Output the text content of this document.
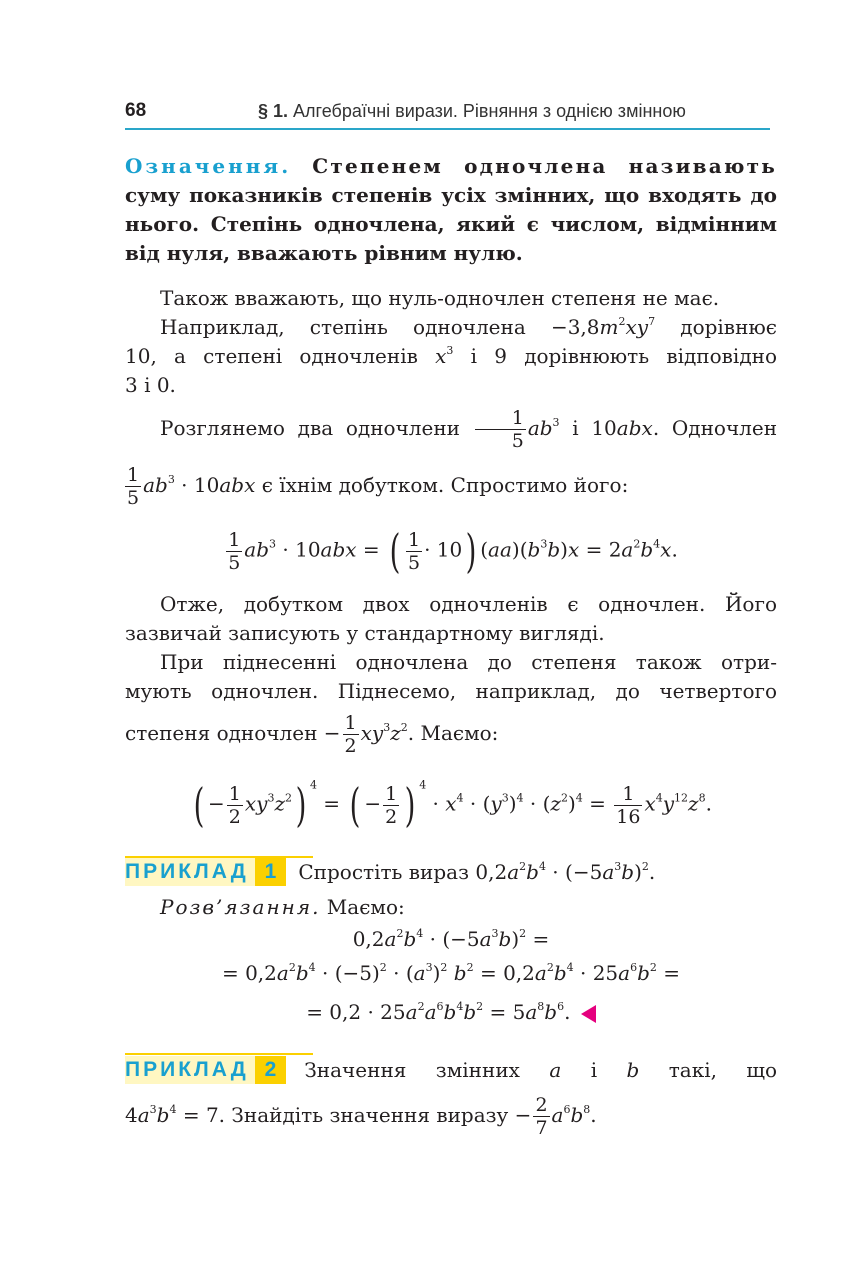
68	§ 1. Алгебраїчні вирази. Рівняння з однією змінною
Означення. Степенем одночлена називають
суму показників степенів усіх змінних, що входять до
нього. Степінь одночлена, який є числом, відмінним
від нуля, вважають рівним нулю.
Також вважають, що нуль-одночлен степеня не має.
Наприклад, степінь одночлена $-3,8m^2xy^7$ дорівнює
10, а степені одночленів $x^3$ і 9 дорівнюють відповідно
3 і 0.
Розглянемо два одночлени $\frac{1}{5} ab^3$ і 10abx. Одночлен
$\frac{1}{5} ab^3 \cdot 10abx$ є їхнім добутком. Спростимо його:
$\frac{1}{5} ab^3 \cdot 10abx$ = ( $\frac{1}{5} \cdot 10$) $(aa)(b^3b)x = 2a^2b^4x$.
Отже, добутком двох одночленів є одночлен. Його
зазвичай записують у стандартному вигляді.
При піднесенні одночлена до степеня також отри-
мують одночлен. Піднесемо, наприклад, до четвертого
степеня одночлен − $\frac{1}{2} xy^3z^2$. Маємо:
( − $\frac{1}{2} xy^3z^2$) $^4$ = ( − $\frac{1}{2}$ ) $^4 \cdot x^4 \cdot (y^3)^4 \cdot (z^2)^4 = \frac{1}{16} x^4y^{12}z^8$.
ПРИКЛАД 1	Спростіть вираз $0,2a^2b^4 \cdot (-5a^3b)^2$.
Розв’язання. Маємо:
$0,2a^2b^4 \cdot (-5a^3b)^2$ =
= $0,2a^2b^4 \cdot (-5)^2 \cdot (a^3)^2$ $b^2 = 0,2a^2b^4 \cdot 25a^6b^2$ =
= $0,2 \cdot 25a^2a^6b^4b^2 = 5a^8b^6$.
ПРИКЛАД 2	Значення змінних a і b такі, що
$4a^3b^4 = 7$. Знайдіть значення виразу − $\frac{2}{7} a^6b^8$.
